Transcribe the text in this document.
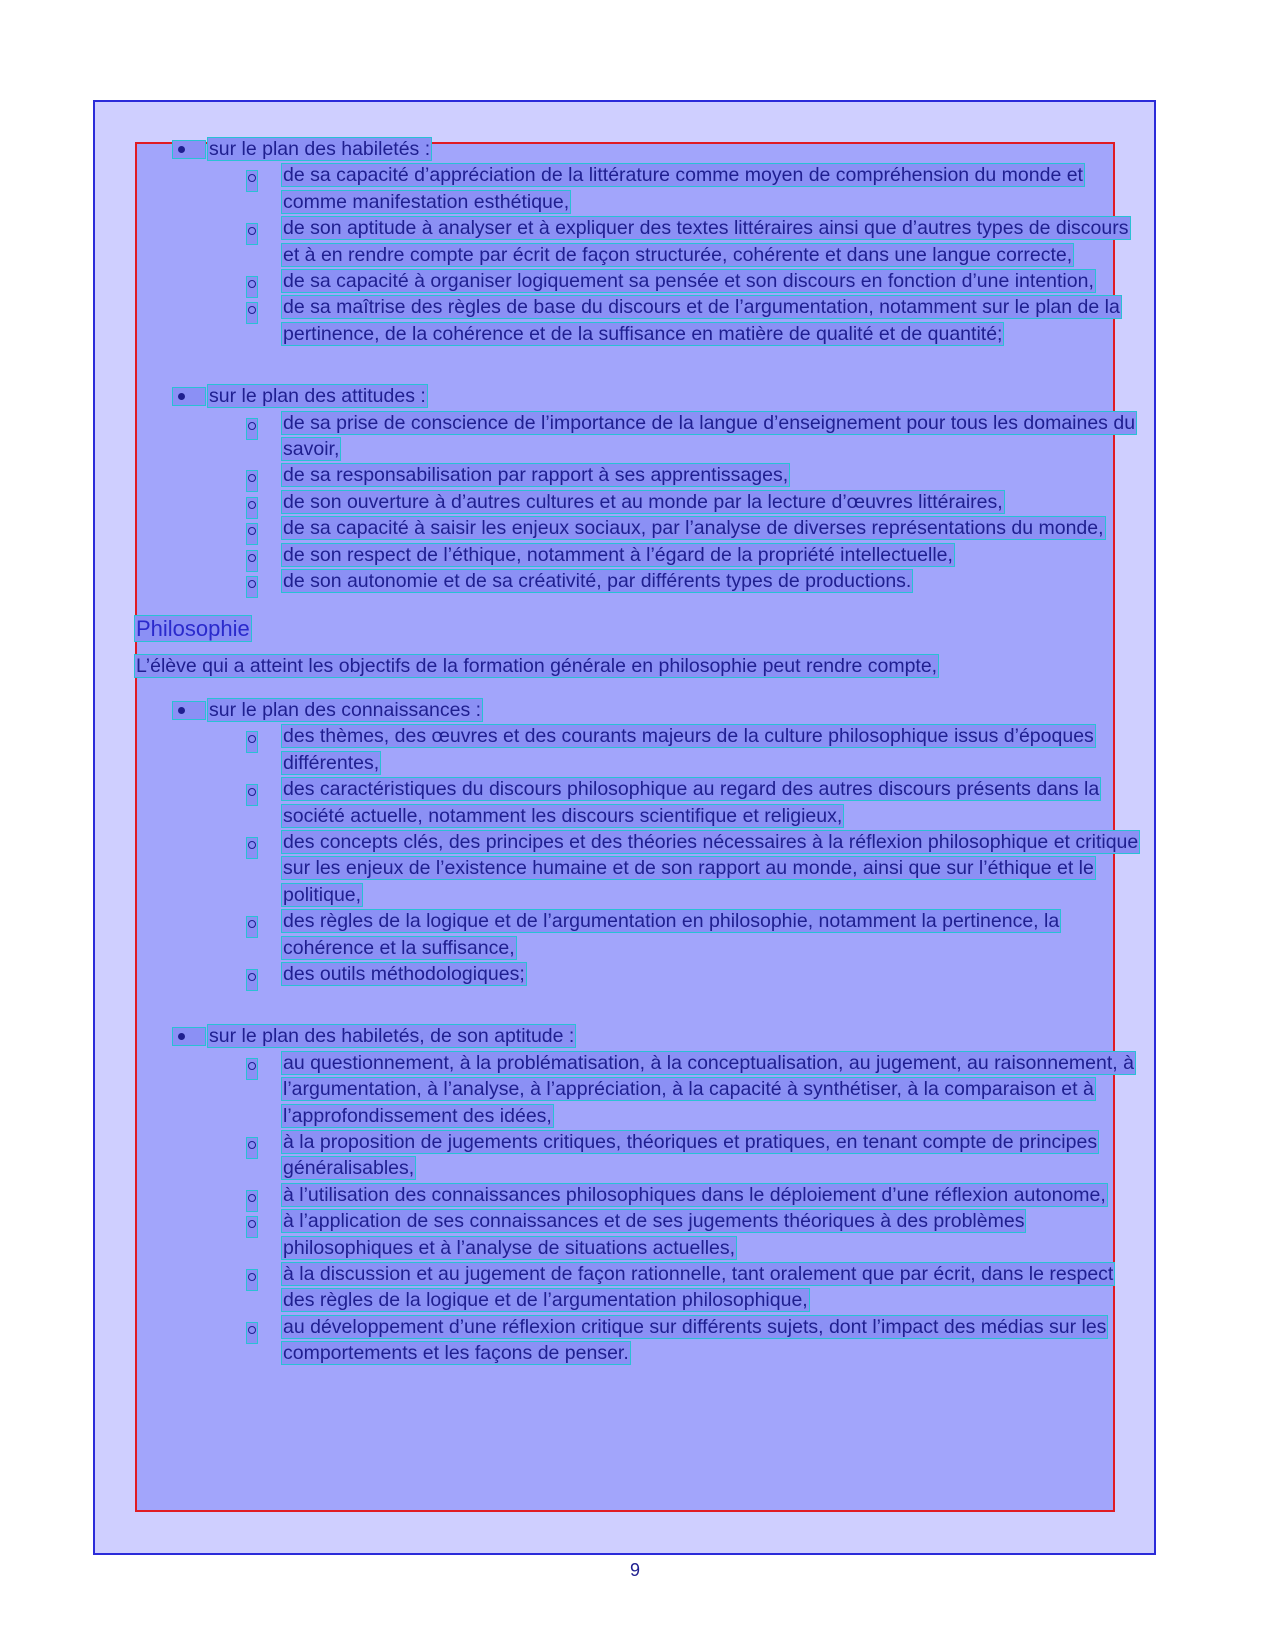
sur le plan des habiletés :
de sa capacité d’appréciation de la littérature comme moyen de compréhension du monde et comme manifestation esthétique,
de son aptitude à analyser et à expliquer des textes littéraires ainsi que d’autres types de discours et à en rendre compte par écrit de façon structurée, cohérente et dans une langue correcte,
de sa capacité à organiser logiquement sa pensée et son discours en fonction d’une intention,
de sa maîtrise des règles de base du discours et de l’argumentation, notamment sur le plan de la pertinence, de la cohérence et de la suffisance en matière de qualité et de quantité;
sur le plan des attitudes :
de sa prise de conscience de l’importance de la langue d’enseignement pour tous les domaines du savoir,
de sa responsabilisation par rapport à ses apprentissages,
de son ouverture à d’autres cultures et au monde par la lecture d’œuvres littéraires,
de sa capacité à saisir les enjeux sociaux, par l’analyse de diverses représentations du monde,
de son respect de l’éthique, notamment à l’égard de la propriété intellectuelle,
de son autonomie et de sa créativité, par différents types de productions.
Philosophie
L’élève qui a atteint les objectifs de la formation générale en philosophie peut rendre compte,
sur le plan des connaissances :
des thèmes, des œuvres et des courants majeurs de la culture philosophique issus d’époques différentes,
des caractéristiques du discours philosophique au regard des autres discours présents dans la société actuelle, notamment les discours scientifique et religieux,
des concepts clés, des principes et des théories nécessaires à la réflexion philosophique et critique sur les enjeux de l’existence humaine et de son rapport au monde, ainsi que sur l’éthique et le politique,
des règles de la logique et de l’argumentation en philosophie, notamment la pertinence, la cohérence et la suffisance,
des outils méthodologiques;
sur le plan des habiletés, de son aptitude :
au questionnement, à la problématisation, à la conceptualisation, au jugement, au raisonnement, à l’argumentation, à l’analyse, à l’appréciation, à la capacité à synthétiser, à la comparaison et à l’approfondissement des idées,
à la proposition de jugements critiques, théoriques et pratiques, en tenant compte de principes généralisables,
à l’utilisation des connaissances philosophiques dans le déploiement d’une réflexion autonome,
à l’application de ses connaissances et de ses jugements théoriques à des problèmes philosophiques et à l’analyse de situations actuelles,
à la discussion et au jugement de façon rationnelle, tant oralement que par écrit, dans le respect des règles de la logique et de l’argumentation philosophique,
au développement d’une réflexion critique sur différents sujets, dont l’impact des médias sur les comportements et les façons de penser.
9
